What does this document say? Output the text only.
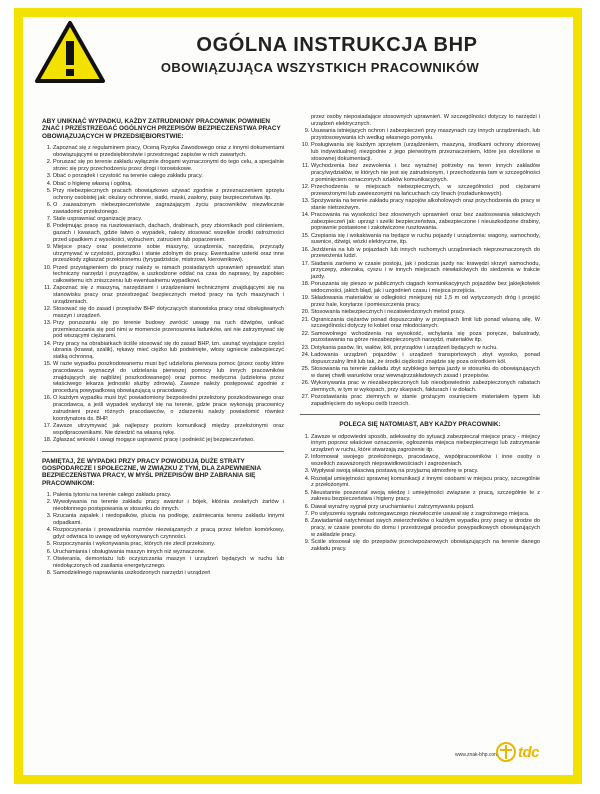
OGÓLNA INSTRUKCJA BHP
OBOWIĄZUJĄCA WSZYSTKICH PRACOWNIKÓW

ABY UNIKNĄĆ WYPADKU, KAŻDY ZATRUDNIONY PRACOWNIK POWINIEN ZNAĆ I PRZESTRZEGAĆ OGÓLNYCH PRZEPISÓW BEZPIECZEŃSTWA PRACY OBOWIĄZUJĄCYCH W PRZEDSIĘBIORSTWIE:

1. Zapoznać się z regulaminem pracy, Oceną Ryzyka Zawodowego oraz z innymi dokumentami obowiązującymi w przedsiębiorstwie i przestrzegać zapisów w nich zawartych.
2. Poruszać się po terenie zakładu wyłącznie drogami wyznaczonymi do tego celu, a specjalnie strzec się przy przechodzeniu przez drogi i torowiskowe.
3. Dbać o porządek i czystość na terenie całego zakładu pracy.
4. Dbać o higienę własną i ogólną.
5. Przy niebezpiecznych pracach obowiązkowo używać zgodnie z przeznaczeniem sprzętu ochrony osobistej jak: okulary ochronne, siatki, maski, zasłony, pasy bezpieczeństwa itp.
6. O zauważonym niebezpieczeństwie zagrażającym życiu pracowników niezwłocznie zawiadomić przełożonego.
7. Stale usprawniać organizację pracy.
8. Podejmując pracę na rusztowaniach, dachach, drabinach, przy zbiornikach pod ciśnieniem, gazach i kwasach, gdzie łatwo o wypadek, należy stosować wszelkie środki ostrożności przed upadkiem z wysokości, wybuchem, zatruciem lub poparzeniem.
9. Miejsce pracy oraz powierzone sobie maszyny, urządzenia, narzędzia, przyrządy utrzymywać w czystości, porządku i stanie zdolnym do pracy. Ewentualne usterki oraz inne przeszkody zgłaszać przełożonemu (tyrygadzistcie, mistrzowi, kierownikowi).
10. Przed przystąpieniem do pracy należy w ramach posiadanych uprawnień sprawdzić stan techniczny narzędzi i przyrządów, a uszkodzone oddać na czas do naprawy, by zapobiec całkowitemu ich zniszczeniu lub ewentualnemu wypadkowi.
11. Zapoznać się z maszyną, narzędziami i urządzeniami technicznymi znajdującymi się na stanowisku pracy oraz przestrzegać bezpiecznych metod pracy na tych maszynach i urządzeniach.
12. Stosować się do zasad i przepisów BHP dotyczących stanowiska pracy oraz obsługiwanych maszyn i urządzeń.
13. Przy poruszaniu się po terenie budowy zwrócić uwagę na ruch dźwigów, unikać przemieszczania się pod nimi w momencie przenoszenia ładunków, ani nie zatrzymywać się pod wiszącymi ciężarami.
14. Przy pracy na obrabiarkach ściśle stosować się do zasad BHP, tzn. usunąć wystające części ubrania (krawat, szalik), rękawy mieć ciężko lub podwinięte, włosy ugniecie zabezpieczyć siatką ochronną.
15. W razie wypadku poszkodowanemu musi być udzielona pierwsza pomoc (przez osoby które pracodawca wyznaczył do udzielania pierwszej pomocy lub innych pracowników znajdujących się najbliżej poszkodowanego) oraz pomoc medyczna (udzielona przez właściwego lekarza jednostki służby zdrowia). Zawsze należy postępować zgodnie z procedurą powypadkową obowiązującą u pracodawcy.
16. O każdym wypadku musi być powiadomiony bezpośredni przełożony poszkodowanego oraz pracodawca, a jeśli wypadek wydarzył się na terenie, gdzie prace wykonują pracownicy zatrudnieni przez różnych pracodawców, o zdarzeniu należy powiadomić również koordynatora ds. BHP.
17. Zawsze utrzymywać jak najlepszy poziom komunikacji między przełożonymi oraz współpracownikami. Nie dziedzić na własną rękę.
18. Zgłaszać wnioski i uwagi mogące usprawnić pracę i podnieść jej bezpieczeństwo.

PAMIĘTAJ, ŻE WYPADKI PRZY PRACY POWODUJĄ DUŻE STRATY GOSPODARCZE I SPOŁECZNE, W ZWIĄZKU Z TYM, DLA ZAPEWNIENIA BEZPIECZEŃSTWA PRACY, W MYŚL PRZEPISÓW BHP ZABRANIA SIĘ PRACOWNIKOM:

1. Palenia tytoniu na terenie całego zakładu pracy.
2. Wywoływania na terenie zakładu pracy awantur i bójek, kłóśnia zesłańych żartów i nieobłonnego postępowania w stosunku do innych.
3. Rzucania zapałek i niedopałków, plucia na podłogę, zaśmiecania terenu zakładu innymi odpadkami.
4. Rozpoczynania i prowadzenia rozmów niezwiązanych z pracą przez telefon komórkowy, gdyż odwraca to uwagę od wykonywanych czynności.
5. Rozpoczynania i wykonywania prac, których nie zlecił przełożony.
6. Uruchamiania i obsługiwania maszyn innych niż wyznaczone.
7. Otwierania, demontażu lub oczyszczania maszyn i urządzeń będących w ruchu lub niedołączonych od zasilania energetycznego.
8. Samodzielnego naprawiania uszkodzonych narzędzi i urządzeń

przez osoby nieposiadające stosownych uprawnień. W szczególności dotyczy to narzędzi i urządzeń elektrycznych.

9. Usuwania istniejących ochron i zabezpieczeń przy maszynach czy innych urządzeniach, lub przystosowywania ich według własnego pomysłu.
10. Posługiwania się każdym sprzętem (urządzeniem, maszyną, środkami ochrony zbiorowej lub indywidualnej) niezgodnie z jego pierwotnym przeznaczeniem, które jes określone w stosownej dokumentacji.
11. Wychodzenia bez zezwolenia i bez wyraźnej potrzeby na teren innych zakładów pracy/wydziałów, w których nie jest się zatrudnionym, i przechodzenia tam w szczególności z pominięciem oznaczonych szlaków komunikacyjnych.
12. Przechodzenia w miejscach niebezpiecznych, w szczególności pod ciężarami przewożonymi lub zawieszonymi na łańcuchach czy linach (rozładunkowych).
13. Spożywania na terenie zakładu pracy napojów alkoholowych oraz przychodzenia do pracy w stanie nietrzeźwym.
14. Pracowania na wysokości bez stosownych uprawnień oraz bez zastosowania właściwych zabezpieczeń jak: uprząż i szelki bezpieczeństwa, zabezpieczone i nieuszkodzone drabiny, poprawnie postawione i zakotwiczone rusztowania.
15. Czepiania się i wskakiwania na będące w ruchu pojazdy i urządzenia: wagony, samochody, suwnice, dźwigi, wózki elektryczne, itp.
16. Jeżdżenia na lub w pojazdach lub innych ruchomych urządzeniach nieprzeznaczonych do przewożenia ludzi.
17. Siadania zarówno w czasie postoju, jak i podczas jazdy na: krawędzi skrzyń samochodu, przyczepy, zderzaka, cyszu i w innych miejscach niewłaściwych do siedzenia w trakcie jazdy.
18. Poruszania się pieszo w publicznych ciągach komunikacyjnych pojazdów bez jakiejkolwiek widoczności, jakich błąd, jak i uzgodnień czasu i miejsca przejścia.
19. Składowania materiałów w odległości mniejszej niż 1,5 m od wytyczonych dróg i przejść przez hale, korytarze i pomieszczenia pracy.
20. Stosowania niebezpiecznych i nezatwierdzonych metod pracy.
21. Ograniczania ciężarów ponad dopuszczalny w przepisach limit lub ponad własną siłę. W szczególności dotyczy to kobiet oraz młodocianych.
22. Samowolnego wchodzenia na wysokość, wchylania się poza poręcze, balustrady, pozostawania na górze niezabezpieczonych narzędzi, materiałów itp.
23. Dotykania pasów, lin, wałów, kół, przyrządów i urządzeń będących w ruchu.
24. Ładowania urządzeń pojazdów i urządzeń transportowych zbyt wysoko, ponad dopuszczalny limit lub tak, że środki ciężkości znajdzie się poza ośrodkiem kół.
25. Stosowania na terenie zakładu zbyt szybkiego tempa jazdy w stosunku do obowiązujących w danej chwili warunków oraz wewnątrzzakładowych zasad i przepisów.
26. Wykonywania prac w niezabezpieczonych lub nieodpowiednio zabezpieczonych rabatach ziemnych, w tym w wykopach, przy skarpach, fakturach i w dołach.
27. Pozostawiania prac ziemnych w stanie grożącym osunięciem materiałem typem lub zapadnięciem do wykopu osób trzecich.

POLECA SIĘ NATOMIAST, ABY KAŻDY PRACOWNIK:

1. Zawsze w odpowiedni sposób, adekwatny do sytuacji zabezpieczał miejsce pracy - miejscy innym poprzez właściwe oznaczenie, ogłoszenia miejsca niebezpiecznego lub zatrzymanie urządzeń w ruchu, które stwarzają zagrożenie itp.
2. Informował swojego przełożonego, pracodawcę, współpracowników i inne osoby o wszelkich zauważonych nieprawidłowościach i zagrożeniach.
3. Wypływał swoją własciwą postawą na przyjazną atmosferę w pracy.
4. Rozwijał umiejętności sprawnej komunikacji z innymi osobami w miejscu pracy, szczególnie z przełożonymi.
5. Nieustannie poszerzał swoją wiedzę i umiejętności związane z pracą, szczególnie te z zakresu bezpieczeństwa i higieny pracy.
6. Dawał wyraźny sygnał przy uruchamianiu i zatrzymywaniu pojazd.
7. Po usłyszeniu sygnału ostrzegawczego niezwłocznie usuwał się z zagrożonego miejsca.
8. Zawiadamiał natychmiast swych zwierzchników o każdym wypadku przy pracy w drodze do pracy, w czasie powrotu do domu i przestrzegał procedur powypadkowych obowiązujących w zakładzie pracy.
9. Ściśle stosował się do przepisów przeciwpożarowych obowiązujących na terenie danego zakładu pracy.
www.znak-bhp.com tdc
